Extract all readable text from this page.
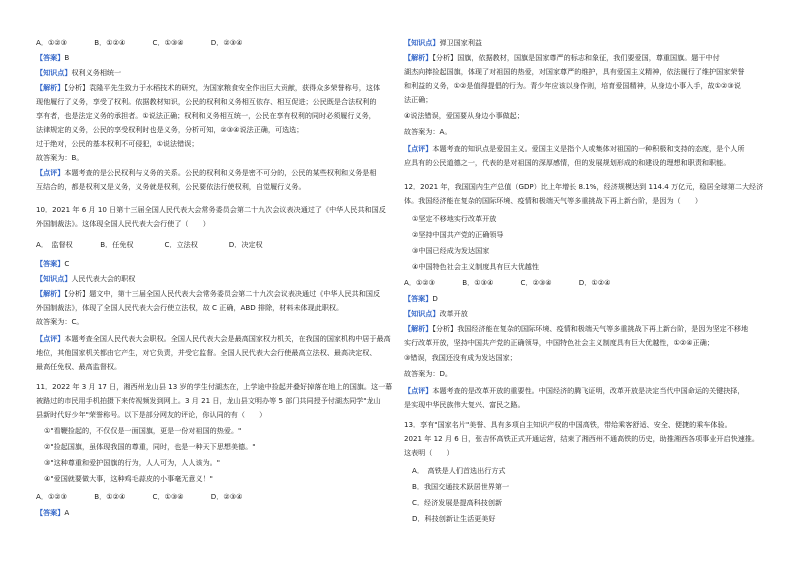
A．①②③	B．①②④	C．①③④	D．②③④
【答案】B
【知识点】权利义务相统一
【解析】【分析】袁隆平先生致力于水稻技术的研究，为国家粮食安全作出巨大贡献，获得众多荣誉称号，这体
现他履行了义务，享受了权利。依据教材知识，公民的权利和义务相互依存、相互促进；公民既是合法权利的
享有者，也是法定义务的承担者。①说法正确；权利和义务相互统一，公民在享有权利的同时必须履行义务，
法律规定的义务，公民的享受权利时也是义务，分析可知，②③④说法正确，可选选；
过于绝对，公民的基本权利不可侵犯，①说法错误；
故答案为：B。
【点评】本题考查的是公民权利与义务的关系。公民的权利和义务是密不可分的，公民的某些权利和义务是相
互结合的，都是权利又是义务，义务就是权利，公民要依法行使权利，自觉履行义务。
10．2021 年 6 月 10 日第十三届全国人民代表大会常务委员会第二十九次会议表决通过了《中华人民共和国反
外国制裁法》。这体现全国人民代表大会行使了（　　）
A．　监督权	B．任免权	C．立法权	D．决定权
【答案】C
【知识点】人民代表大会的职权
【解析】【分析】题文中，第十三届全国人民代表大会常务委员会第二十九次会议表决通过《中华人民共和国反
外国制裁法》，体现了全国人民代表大会行使立法权，故 C 正确，ABD 排除，材料未体现此职权。
故答案为：C。
【点评】本题考查全国人民代表大会职权。全国人民代表大会是最高国家权力机关，在我国的国家机构中居于最高
地位，其他国家机关都由它产生，对它负责，并受它监督。全国人民代表大会行使最高立法权、最高决定权、
最高任免权、最高监督权。
11．2022 年 3 月 17 日，湘西州龙山县 13 岁的学生付湖杰在，上学途中捡起并叠好掉落在地上的国旗。这一幕
被路过的市民用手机拍摄下来传视频发到网上。3 月 21 日，龙山县文明办等 5 部门共同授予付湖杰同学"龙山
县新时代好少年"荣誉称号。以下是部分网友的评论，你认同的有（　　）
①"看鞭捡起的，不仅仅是一面国旗，更是一份对祖国的热爱。"
②"捡起国旗，虽体现我国的尊重，同时，也是一种天下思想美德。"
③"这种尊重和爱护国旗的行为，人人可为，人人该为。"
④"爱国就要做大事，这种鸡毛蒜皮的小事毫无意义！"
A．①②③	B．①②④	C．①③④	D．②③④
【答案】A
【知识点】弹卫国家利益
【解析】【分析】国旗，依据教材，国旗是国家尊严的标志和象征，我们要爱国，尊重国旗。题干中付
湖杰向捧捡起国旗，体现了对祖国的热爱，对国家尊严的维护，具有爱国主义精神，依法履行了维护国家荣誉
和利益的义务，①②是值得提倡的行为。青少年应该以身作则，培育爱国精神，从身边小事入手，故①②③说
法正确；
④说法错误，爱国要从身边小事做起；
故答案为：A。
【点评】本题考查的知识点是爱国主义。爱国主义是指个人或集体对祖国的一种积极和支持的态度，是个人所
应具有的公民道德之一，代表的是对祖国的深厚感情，但的发展规划形成的和建设的理想和职责和职能。
12．2021 年，我国国内生产总值（GDP）比上年增长 8.1%，经济规模达到 114.4 万亿元，稳居全球第二大经济
体。我国经济能在复杂的国际环境、疫情和极端天气等多重挑战下再上新台阶，是因为（　　）
①坚定不移地实行改革开放
②坚持中国共产党的正确领导
③中国已经成为发达国家
④中国特色社会主义制度具有巨大优越性
A．①②③	B．①③④	C．②③④	D．①②④
【答案】D
【知识点】改革开放
【解析】【分析】我国经济能在复杂的国际环境、疫情和极端天气等多重挑战下再上新台阶，是因为坚定不移地
实行改革开放，坚持中国共产党的正确领导，中国特色社会主义制度具有巨大优越性，①②④正确；
③错误，我国还没有成为发达国家；
故答案为：D。
【点评】本题考查的是改革开放的重要性。中国经济的腾飞证明，改革开放是决定当代中国命运的关键抉择，
是实现中华民族伟大复兴、富民之路。
13．享有"国家名片"美誉、具有多项自主知识产权的中国高铁，带给乘客舒适、安全、便捷的乘车体验。
2021 年 12 月 6 日，张吉怀高铁正式开通运营，结束了湘西州不通高铁的历史，助推湘西各项事业开启快速推。
这表明（　　）
A．　高铁是人们首选出行方式
B．我国交通技术跃居世界第一
C．经济发展是提高科技创新
D．科技创新让生活更美好
